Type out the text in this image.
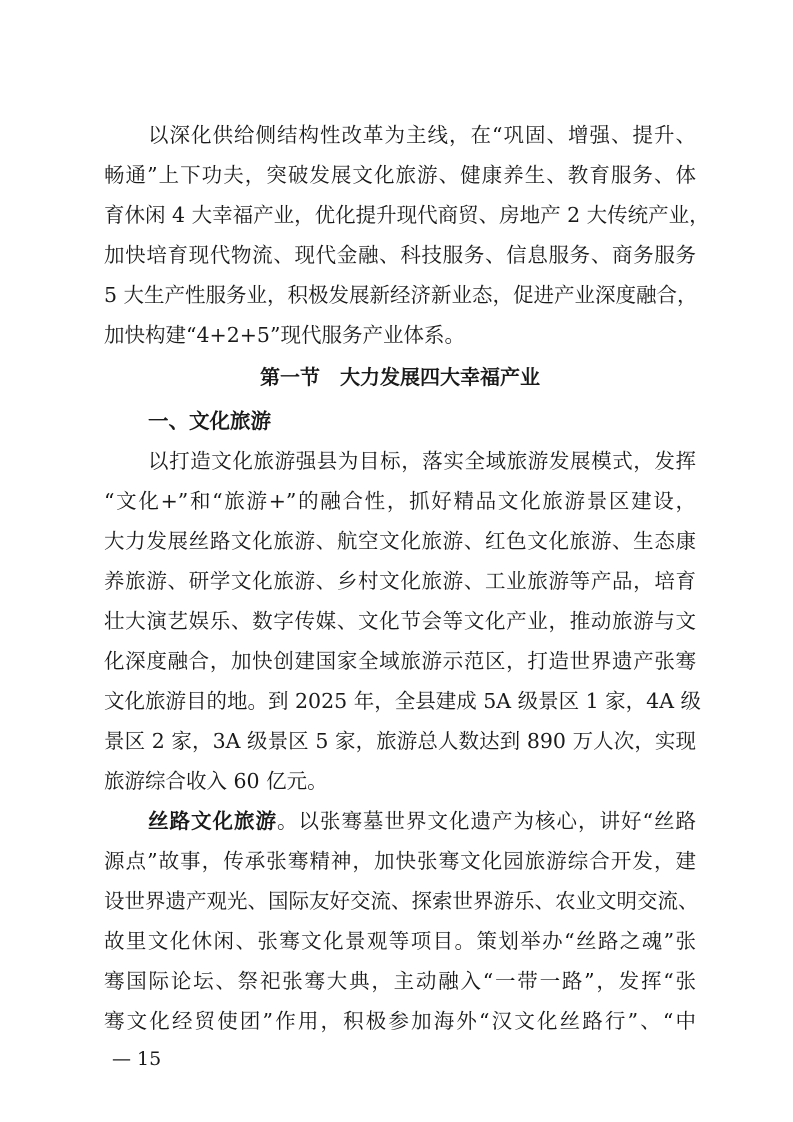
以深化供给侧结构性改革为主线，在“巩固、增强、提升、
畅通”上下功夫，突破发展文化旅游、健康养生、教育服务、体
育休闲 4 大幸福产业，优化提升现代商贸、房地产 2 大传统产业，
加快培育现代物流、现代金融、科技服务、信息服务、商务服务
5 大生产性服务业，积极发展新经济新业态，促进产业深度融合，
加快构建“4+2+5”现代服务产业体系。
第一节　大力发展四大幸福产业
一、文化旅游
以打造文化旅游强县为目标，落实全域旅游发展模式，发挥
“文化+”和“旅游+”的融合性，抓好精品文化旅游景区建设，
大力发展丝路文化旅游、航空文化旅游、红色文化旅游、生态康
养旅游、研学文化旅游、乡村文化旅游、工业旅游等产品，培育
壮大演艺娱乐、数字传媒、文化节会等文化产业，推动旅游与文
化深度融合，加快创建国家全域旅游示范区，打造世界遗产张骞
文化旅游目的地。到 2025 年，全县建成 5A 级景区 1 家，4A 级
景区 2 家，3A 级景区 5 家，旅游总人数达到 890 万人次，实现
旅游综合收入 60 亿元。
丝路文化旅游。以张骞墓世界文化遗产为核心，讲好“丝路
源点”故事，传承张骞精神，加快张骞文化园旅游综合开发，建
设世界遗产观光、国际友好交流、探索世界游乐、农业文明交流、
故里文化休闲、张骞文化景观等项目。策划举办“丝路之魂”张
骞国际论坛、祭祀张骞大典，主动融入“一带一路”，发挥“张
骞文化经贸使团”作用，积极参加海外“汉文化丝路行”、“中
— 15
